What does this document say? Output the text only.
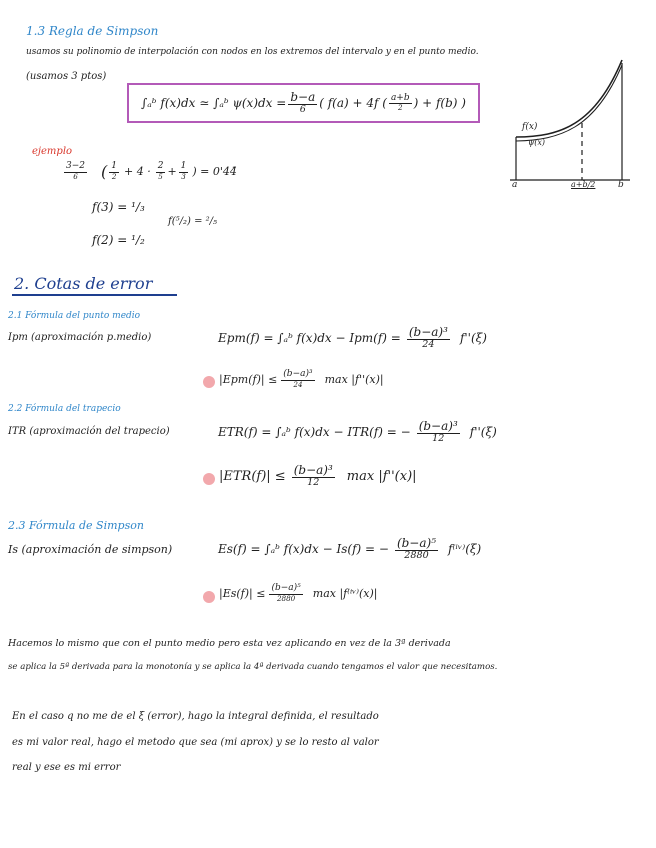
1.3 Regla de Simpson
usamos su polinomio de interpolación con nodos en los extremos del intervalo y en el punto medio.
(usamos 3 ptos)
∫ₐᵇ f(x)dx ≃ ∫ₐᵇ $\psi(x)dx = \frac{b-a}{6}$ ( f(a) + 4f ( $\frac{a+b}{2}$ ) + f(b) )
f(x)
ψ(x)
a	a+b/2	b
ejemplo
$\frac{3-2}{6}$ ( $\frac{1}{2} + 4 \cdot \frac{2}{5} + \frac{1}{3}$ ) = 0'44̄
f(3) = ¹/₃
f(2) = ¹/₂
f(⁵/₂) = ²/₅
2. Cotas de error
2.1 Fórmula del punto medio
Ipm (aproximación p.medio)	Epm(f) = ∫ₐᵇ $f(x)dx - Ipm(f) = \frac{\text{(b−a)³}}{24} f''(\xi)$
$|Epm(f)| \le \frac{\text{(b−a)³}}{24}$ max |f''(x)|
2.2 Fórmula del trapecio
ITR (aproximación del trapecio)	ETR(f) = ∫ₐᵇ f(x)dx − ITR(f) = − $\frac{\text{(b−a)³}}{12} f''(\xi)$
$|ETR(f)| \le \frac{\text{(b−a)³}}{12}$ max |f''(x)|
2.3 Fórmula de Simpson
Is (aproximación de simpson)	Es(f) = ∫ₐᵇ f(x)dx − Is(f) = − $\frac{\text{(b−a)⁵}}{2880}$ f⁽ⁱᵛ⁾(ξ)
$|Es(f)| \le \frac{\text{(b−a)⁵}}{2880}$ max |f⁽ⁱᵛ⁾(x)|
Hacemos lo mismo que con el punto medio pero esta vez aplicando en vez de la 3ª derivada
se aplica la 5ª derivada para la monotonía y se aplica la 4ª derivada cuando tengamos el valor que necesitamos.
En el caso q no me de el ξ (error), hago la integral definida, el resultado
es mi valor real, hago el metodo que sea (mi aprox) y se lo resto al valor
real y ese es mi error
